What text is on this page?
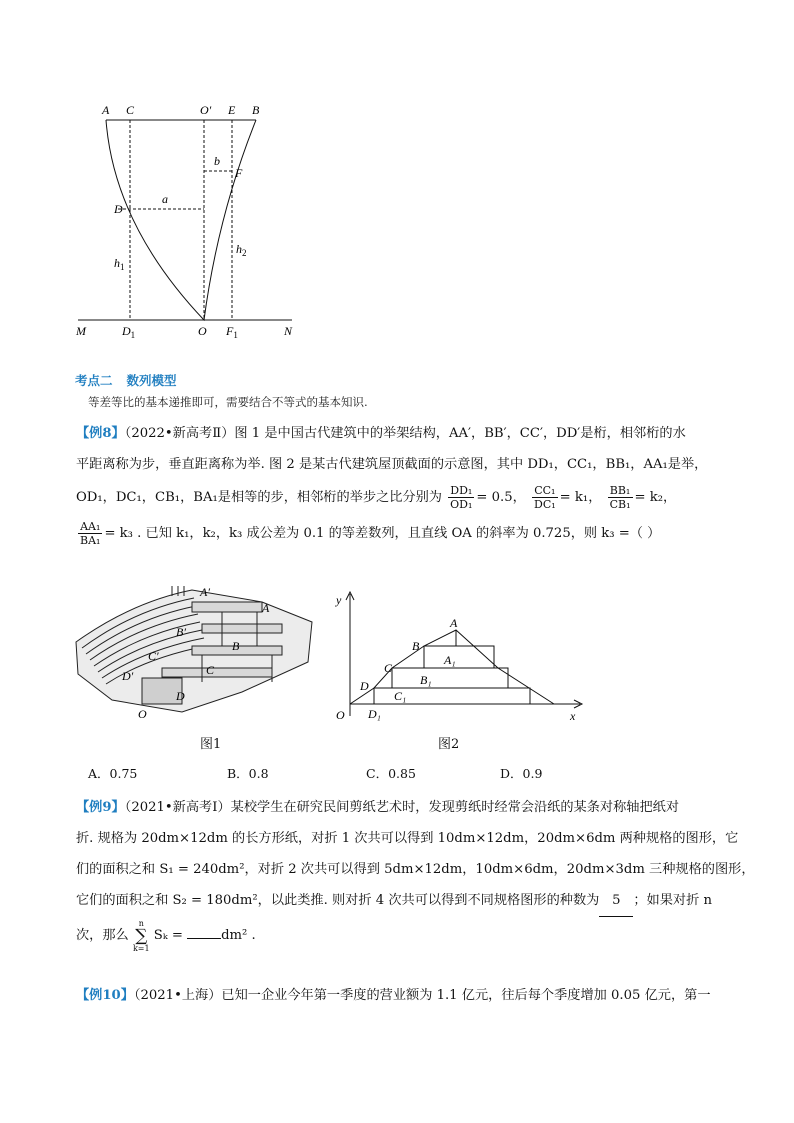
A C	O′ E B
b
F
D
a
$h_1$
$h_2$
M	$D_1$	O $F_1$	N
考点二 数列模型
等差等比的基本递推即可，需要结合不等式的基本知识.
【例8】（2022•新高考Ⅱ）图 1 是中国古代建筑中的举架结构，AA′，BB′，CC′，DD′是桁，相邻桁的水
平距离称为步，垂直距离称为举. 图 2 是某古代建筑屋顶截面的示意图，其中 DD₁，CC₁，BB₁，AA₁是举，
OD₁，DC₁，CB₁，BA₁是相等的步，相邻桁的举步之比分别为 $\frac{\text{DD₁}}{\text{OD₁}} = 0.5$， $\frac{\text{CC₁}}{\text{DC₁}} = k_1$， $\frac{\text{BB₁}}{\text{CB₁}} = k_2$，
$\frac{\text{AA₁}}{\text{BA₁}} = k_3$ . 已知 k₁，k₂，k₃ 成公差为 0.1 的等差数列，且直线 OA 的斜率为 0.725，则 k₃ =（ ）
A′
A
B′
B
C′
C
D′
D
O
图1
y
A
B
A₁
C
B₁
D
C₁
O D₁	x
图2
A．0.75	B．0.8	C．0.85	D．0.9
【例9】（2021•新高考Ⅰ）某校学生在研究民间剪纸艺术时，发现剪纸时经常会沿纸的某条对称轴把纸对
折. 规格为 20dm×12dm 的长方形纸，对折 1 次共可以得到 10dm×12dm，20dm×6dm 两种规格的图形，它
们的面积之和 S₁ = 240dm²，对折 2 次共可以得到 5dm×12dm，10dm×6dm，20dm×3dm 三种规格的图形，
它们的面积之和 S₂ = 180dm²，以此类推. 则对折 4 次共可以得到不同规格图形的种数为 5 ；如果对折 n
次，那么 n
∑
k=1 Sₖ =	dm² .
【例10】（2021•上海）已知一企业今年第一季度的营业额为 1.1 亿元，往后每个季度增加 0.05 亿元，第一
